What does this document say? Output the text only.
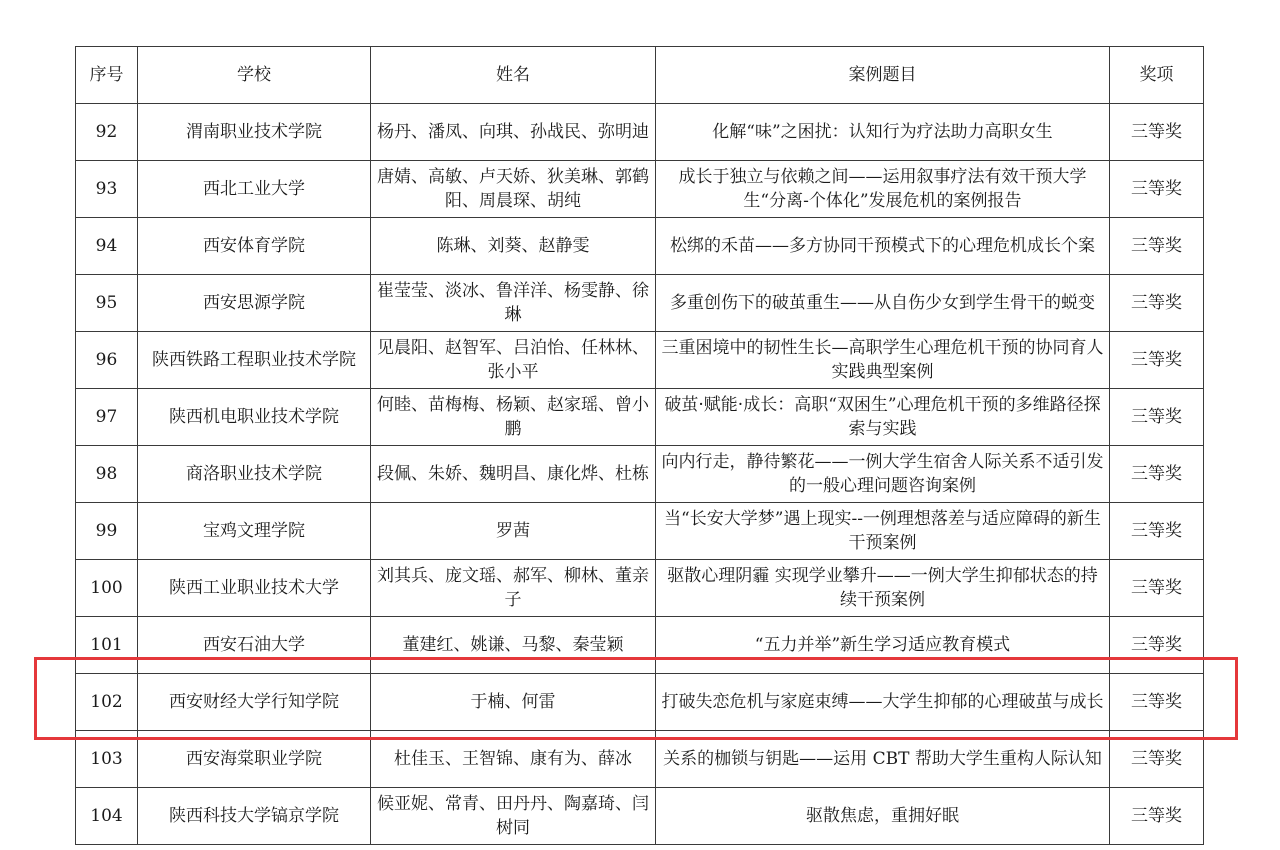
序号	学校	姓名	案例题目	奖项
92	渭南职业技术学院	杨丹、潘凤、向琪、孙战民、弥明迪	化解“味”之困扰：认知行为疗法助力高职女生	三等奖
93	西北工业大学	唐婧、高敏、卢天娇、狄美琳、郭鹤阳、周晨琛、胡纯	成长于独立与依赖之间——运用叙事疗法有效干预大学生“分离-个体化”发展危机的案例报告	三等奖
94	西安体育学院	陈琳、刘葵、赵静雯	松绑的禾苗——多方协同干预模式下的心理危机成长个案	三等奖
95	西安思源学院	崔莹莹、淡冰、鲁洋洋、杨雯静、徐琳	多重创伤下的破茧重生——从自伤少女到学生骨干的蜕变	三等奖
96	陕西铁路工程职业技术学院	见晨阳、赵智军、吕泊怡、任林林、张小平	三重困境中的韧性生长—高职学生心理危机干预的协同育人实践典型案例	三等奖
97	陕西机电职业技术学院	何睦、苗梅梅、杨颖、赵家瑶、曾小鹏	破茧·赋能·成长：高职“双困生”心理危机干预的多维路径探索与实践	三等奖
98	商洛职业技术学院	段佩、朱娇、魏明昌、康化烨、杜栋	向内行走，静待繁花——一例大学生宿舍人际关系不适引发的一般心理问题咨询案例	三等奖
99	宝鸡文理学院	罗茜	当“长安大学梦”遇上现实--一例理想落差与适应障碍的新生干预案例	三等奖
100	陕西工业职业技术大学	刘其兵、庞文瑶、郝军、柳林、董亲子	驱散心理阴霾 实现学业攀升——一例大学生抑郁状态的持续干预案例	三等奖
101	西安石油大学	董建红、姚谦、马黎、秦莹颖	“五力并举”新生学习适应教育模式	三等奖
102	西安财经大学行知学院	于楠、何雷	打破失恋危机与家庭束缚——大学生抑郁的心理破茧与成长	三等奖
103	西安海棠职业学院	杜佳玉、王智锦、康有为、薛冰	关系的枷锁与钥匙——运用 CBT 帮助大学生重构人际认知	三等奖
104	陕西科技大学镐京学院	候亚妮、常青、田丹丹、陶嘉琦、闫树同	驱散焦虑，重拥好眠	三等奖
